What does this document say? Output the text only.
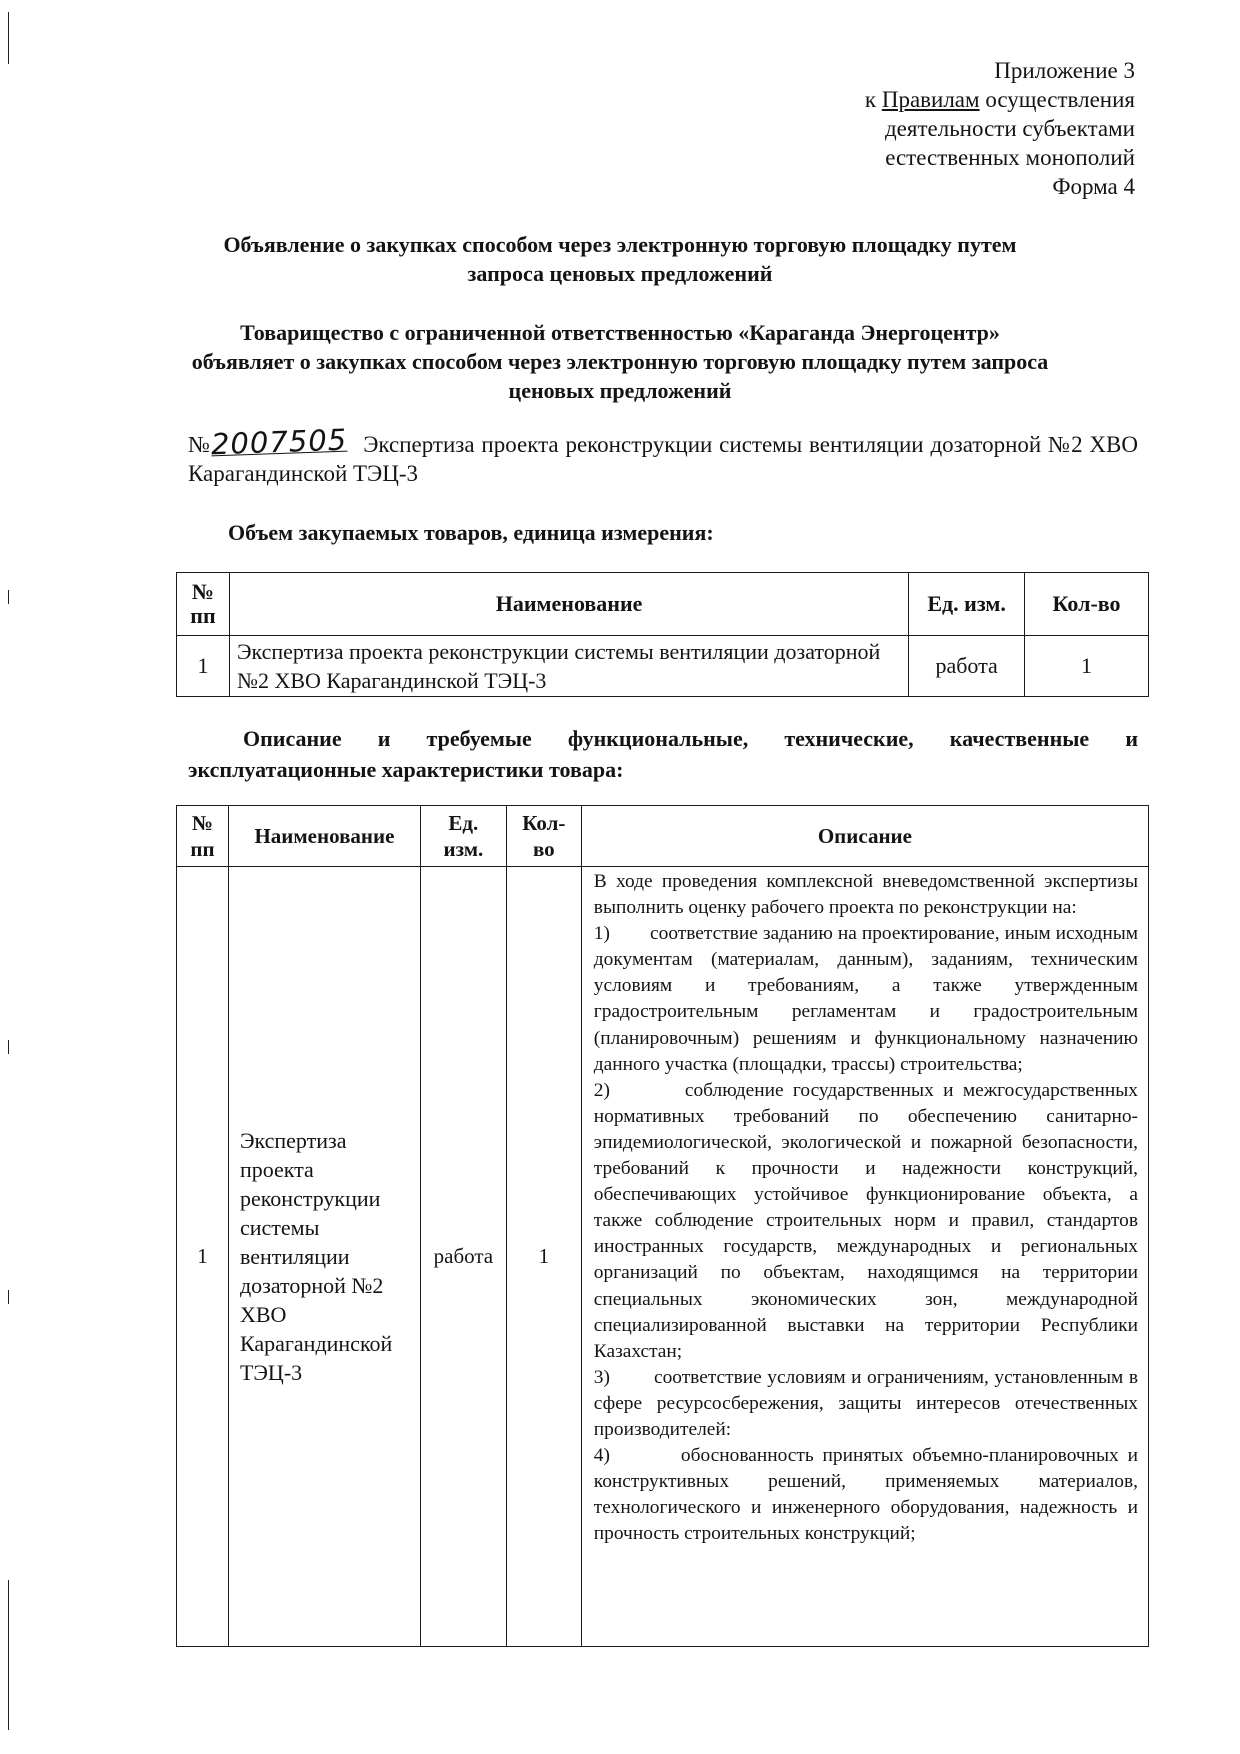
Приложение 3
к Правилам осуществления
деятельности субъектами
естественных монополий
Форма 4
Объявление о закупках способом через электронную торговую площадку путем запроса ценовых предложений
Товарищество с ограниченной ответственностью «Караганда Энергоцентр» объявляет о закупках способом через электронную торговую площадку путем запроса ценовых предложений
№2007505 Экспертиза проекта реконструкции системы вентиляции дозаторной №2 ХВО Карагандинской ТЭЦ-3
Объем закупаемых товаров, единица измерения:
№ пп	Наименование	Ед. изм.	Кол-во
1	Экспертиза проекта реконструкции системы вентиляции дозаторной №2 ХВО Карагандинской ТЭЦ-3	работа	1
Описание и требуемые функциональные, технические, качественные и
эксплуатационные характеристики товара:
№ пп	Наименование	Ед. изм.	Кол-во	Описание
1	Экспертиза проекта реконструкции системы вентиляции дозаторной №2 ХВО Карагандинской ТЭЦ-3	работа	1	В ходе проведения комплексной вневедомственной экспертизы выполнить оценку рабочего проекта по реконструкции на:

1)        соответствие заданию на проектирование, иным исходным документам (материалам, данным), заданиям, техническим условиям и требованиям, а также утвержденным градостроительным регламентам и градостроительным (планировочным) решениям и функциональному назначению данного участка (площадки, трассы) строительства;

2)        соблюдение государственных и межгосударственных нормативных требований по обеспечению санитарно-эпидемиологической, экологической и пожарной безопасности, требований к прочности и надежности конструкций, обеспечивающих устойчивое функционирование объекта, а также соблюдение строительных норм и правил, стандартов иностранных государств, международных и региональных организаций по объектам, находящимся на территории специальных экономических зон, международной специализированной выставки на территории Республики Казахстан;

3)        соответствие условиям и ограничениям, установленным в сфере ресурсосбережения, защиты интересов отечественных производителей:

4)        обоснованность принятых объемно-планировочных и конструктивных решений, применяемых материалов, технологического и инженерного оборудования, надежность и прочность строительных конструкций;
